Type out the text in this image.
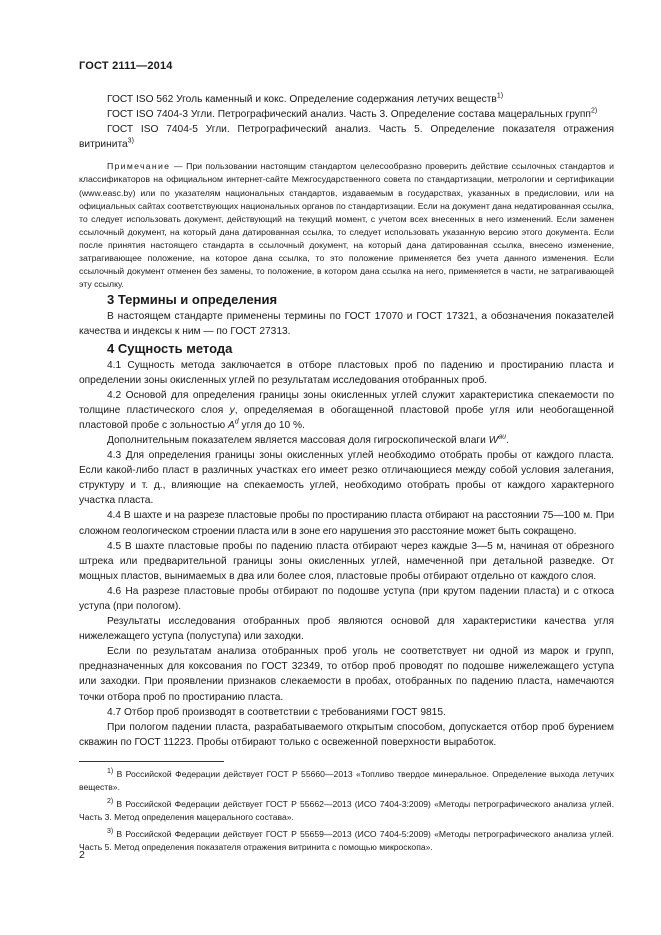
ГОСТ 2111—2014

ГОСТ ISO 562 Уголь каменный и кокс. Определение содержания летучих веществ$^{1)}$

ГОСТ ISO 7404-3 Угли. Петрографический анализ. Часть 3. Определение состава мацеральных групп$^{2)}$

ГОСТ ISO 7404-5 Угли. Петрографический анализ. Часть 5. Определение показателя отражения витринита$^{3)}$

Примечание — При пользовании настоящим стандартом целесообразно проверить действие ссылочных стандартов и классификаторов на официальном интернет-сайте Межгосударственного совета по стандартизации, метрологии и сертификации (www.easc.by) или по указателям национальных стандартов, издаваемым в государствах, указанных в предисловии, или на официальных сайтах соответствующих национальных органов по стандартизации. Если на документ дана недатированная ссылка, то следует использовать документ, действующий на текущий момент, с учетом всех внесенных в него изменений. Если заменен ссылочный документ, на который дана датированная ссылка, то следует использовать указанную версию этого документа. Если после принятия настоящего стандарта в ссылочный документ, на который дана датированная ссылка, внесено изменение, затрагивающее положение, на которое дана ссылка, то это положение применяется без учета данного изменения. Если ссылочный документ отменен без замены, то положение, в котором дана ссылка на него, применяется в части, не затрагивающей эту ссылку.

3 Термины и определения

В настоящем стандарте применены термины по ГОСТ 17070 и ГОСТ 17321, а обозначения показателей качества и индексы к ним — по ГОСТ 27313.

4 Сущность метода

4.1 Сущность метода заключается в отборе пластовых проб по падению и простиранию пласта и определении зоны окисленных углей по результатам исследования отобранных проб.

4.2 Основой для определения границы зоны окисленных углей служит характеристика спекаемости по толщине пластического слоя у, определяемая в обогащенной пластовой пробе угля или необогащенной пластовой пробе с зольностью $A^d$ угля до 10 %.

Дополнительным показателем является массовая доля гигроскопической влаги $W^{aи}$.

4.3 Для определения границы зоны окисленных углей необходимо отобрать пробы от каждого пласта. Если какой-либо пласт в различных участках его имеет резко отличающиеся между собой условия залегания, структуру и т. д., влияющие на спекаемость углей, необходимо отобрать пробы от каждого характерного участка пласта.

4.4 В шахте и на разрезе пластовые пробы по простиранию пласта отбирают на расстоянии 75—100 м. При сложном геологическом строении пласта или в зоне его нарушения это расстояние может быть сокращено.

4.5 В шахте пластовые пробы по падению пласта отбирают через каждые 3—5 м, начиная от обрезного штрека или предварительной границы зоны окисленных углей, намеченной при детальной разведке. От мощных пластов, вынимаемых в два или более слоя, пластовые пробы отбирают отдельно от каждого слоя.

4.6 На разрезе пластовые пробы отбирают по подошве уступа (при крутом падении пласта) и с откоса уступа (при пологом).

Результаты исследования отобранных проб являются основой для характеристики качества угля нижележащего уступа (полуступа) или заходки.

Если по результатам анализа отобранных проб уголь не соответствует ни одной из марок и групп, предназначенных для коксования по ГОСТ 32349, то отбор проб проводят по подошве нижележащего уступа или заходки. При проявлении признаков слекаемости в пробах, отобранных по падению пласта, намечаются точки отбора проб по простиранию пласта.

4.7 Отбор проб производят в соответствии с требованиями ГОСТ 9815.

При пологом падении пласта, разрабатываемого открытым способом, допускается отбор проб бурением скважин по ГОСТ 11223. Пробы отбирают только с освеженной поверхности выработок.

$^{1)}$ В Российской Федерации действует ГОСТ Р 55660—2013 «Топливо твердое минеральное. Определение выхода летучих веществ».

$^{2)}$ В Российской Федерации действует ГОСТ Р 55662—2013 (ИСО 7404-3:2009) «Методы петрографического анализа углей. Часть 3. Метод определения мацерального состава».

$^{3)}$ В Российской Федерации действует ГОСТ Р 55659—2013 (ИСО 7404-5:2009) «Методы петрографического анализа углей. Часть 5. Метод определения показателя отражения витринита с помощью микроскопа».

2
